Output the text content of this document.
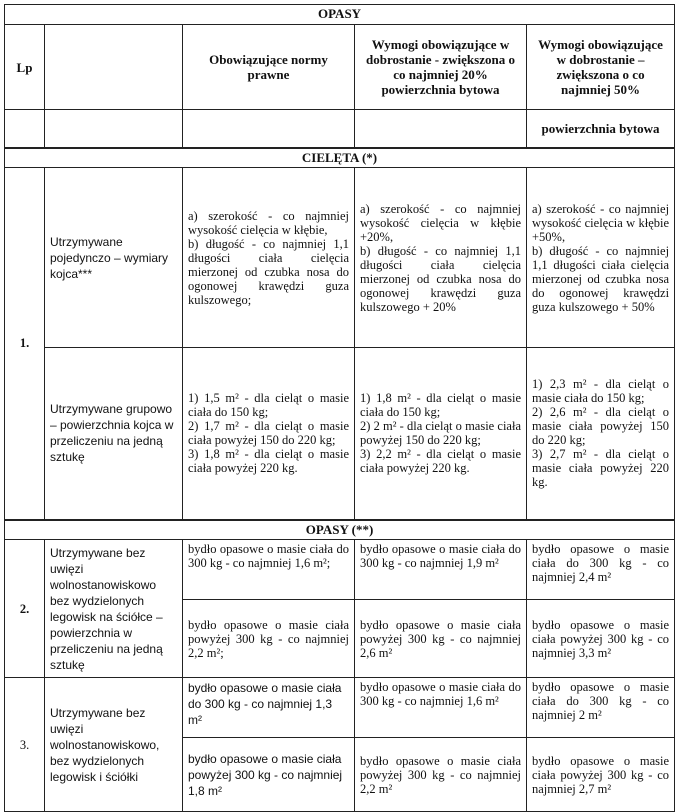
OPASY				
Lp		Obowiązujące normy prawne	Wymogi obowiązujące w dobrostanie - zwiększona o co najmniej 20% powierzchnia bytowa	Wymogi obowiązujące w dobrostanie – zwiększona o co najmniej 50%
				powierzchnia bytowa
CIELĘTA (*)				
1.	Utrzymywane pojedynczo – wymiary kojca***	a) szerokość - co najmniej wysokość cielęcia w kłębie,
b) długość - co najmniej 1,1 długości ciała cielęcia mierzonej od czubka nosa do ogonowej krawędzi guza kulszowego;	a) szerokość - co najmniej wysokość cielęcia w kłębie +20%,
b) długość - co najmniej 1,1 długości ciała cielęcia mierzonej od czubka nosa do ogonowej krawędzi guza kulszowego + 20%	a) szerokość - co najmniej wysokość cielęcia w kłębie +50%,
b) długość - co najmniej 1,1 długości ciała cielęcia mierzonej od czubka nosa do ogonowej krawędzi guza kulszowego + 50%

	Utrzymywane grupowo – powierzchnia kojca w przeliczeniu na jedną sztukę	1) 1,5 m² - dla cieląt o masie ciała do 150 kg;
2) 1,7 m² - dla cieląt o masie ciała powyżej 150 do 220 kg;
3) 1,8 m² - dla cieląt o masie ciała powyżej 220 kg.	1) 1,8 m² - dla cieląt o masie ciała do 150 kg;
2) 2 m² - dla cieląt o masie ciała powyżej 150 do 220 kg;
3) 2,2 m² - dla cieląt o masie ciała powyżej 220 kg.	1) 2,3 m² - dla cieląt o masie ciała do 150 kg;
2) 2,6 m² - dla cieląt o masie ciała powyżej 150 do 220 kg;
3) 2,7 m² - dla cieląt o masie ciała powyżej 220 kg.

OPASY (**)				
2.	Utrzymywane bez uwięzi wolnostanowiskowo bez wydzielonych legowisk na ściółce – powierzchnia w przeliczeniu na jedną sztukę	bydło opasowe o masie ciała do 300 kg - co najmniej 1,6 m²;	bydło opasowe o masie ciała do 300 kg - co najmniej 1,9 m²	bydło opasowe o masie ciała do 300 kg - co najmniej 2,4 m²
		bydło opasowe o masie ciała powyżej 300 kg - co najmniej 2,2 m²;	bydło opasowe o masie ciała powyżej 300 kg - co najmniej 2,6 m²	bydło opasowe o masie ciała powyżej 300 kg - co najmniej 3,3 m²
3.	Utrzymywane bez uwięzi wolnostanowiskowo, bez wydzielonych legowisk i ściółki	bydło opasowe o masie ciała do 300 kg - co najmniej 1,3 m²	bydło opasowe o masie ciała do 300 kg - co najmniej 1,6 m²	bydło opasowe o masie ciała do 300 kg - co najmniej 2 m²
		bydło opasowe o masie ciała powyżej 300 kg - co najmniej 1,8 m²	bydło opasowe o masie ciała powyżej 300 kg - co najmniej 2,2 m²	bydło opasowe o masie ciała powyżej 300 kg - co najmniej 2,7 m²
